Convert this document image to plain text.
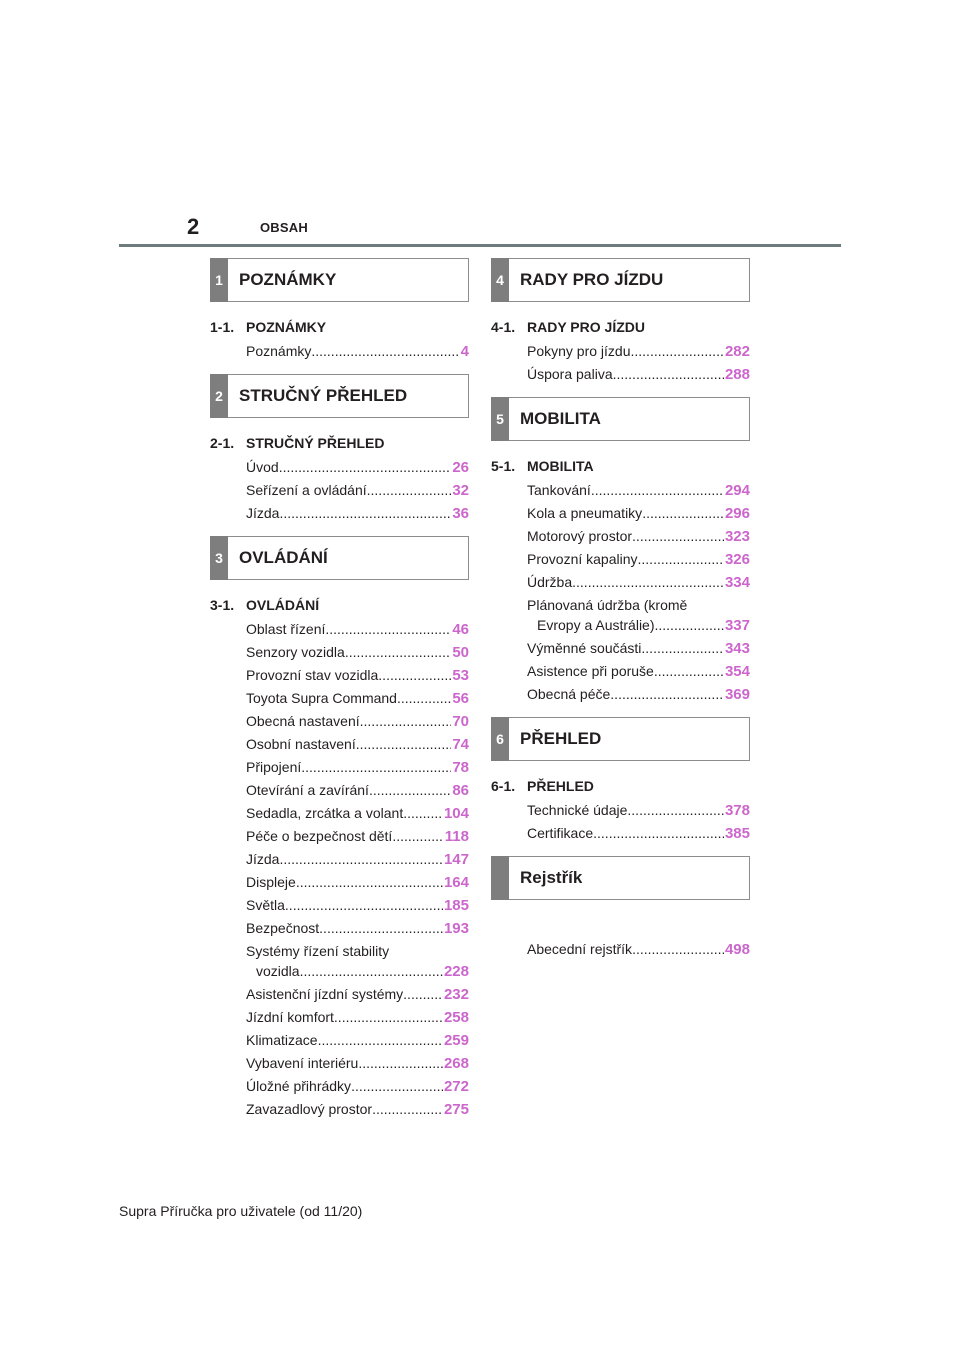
2	OBSAH
1 POZNÁMKY
1-1. POZNÁMKY
Poznámky .....	4
2 STRUČNÝ PŘEHLED
2-1. STRUČNÝ PŘEHLED
Úvod .....	26
Seřízení a ovládání .....	32
Jízda .....	36
3 OVLÁDÁNÍ
3-1. OVLÁDÁNÍ
Oblast řízení .....	46
Senzory vozidla .....	50
Provozní stav vozidla .....	53
Toyota Supra Command .....	56
Obecná nastavení .....	70
Osobní nastavení .....	74
Připojení .....	78
Otevírání a zavírání .....	86
Sedadla, zrcátka a volant .....	104
Péče o bezpečnost dětí .....	118
Jízda .....	147
Displeje .....	164
Světla .....	185
Bezpečnost .....	193
Systémy řízení stability
vozidla .....	228
Asistenční jízdní systémy .....	232
Jízdní komfort .....	258
Klimatizace .....	259
Vybavení interiéru .....	268
Úložné přihrádky .....	272
Zavazadlový prostor .....	275
4 RADY PRO JÍZDU
4-1. RADY PRO JÍZDU
Pokyny pro jízdu .....	282
Úspora paliva .....	288
5 MOBILITA
5-1. MOBILITA
Tankování .....	294
Kola a pneumatiky .....	296
Motorový prostor .....	323
Provozní kapaliny .....	326
Údržba .....	334
Plánovaná údržba (kromě
Evropy a Austrálie) .....	337
Výměnné součásti .....	343
Asistence při poruše .....	354
Obecná péče .....	369
6 PŘEHLED
6-1. PŘEHLED
Technické údaje .....	378
Certifikace .....	385
Rejstřík
Abecední rejstřík .....	498
Supra Příručka pro uživatele (od 11/20)
